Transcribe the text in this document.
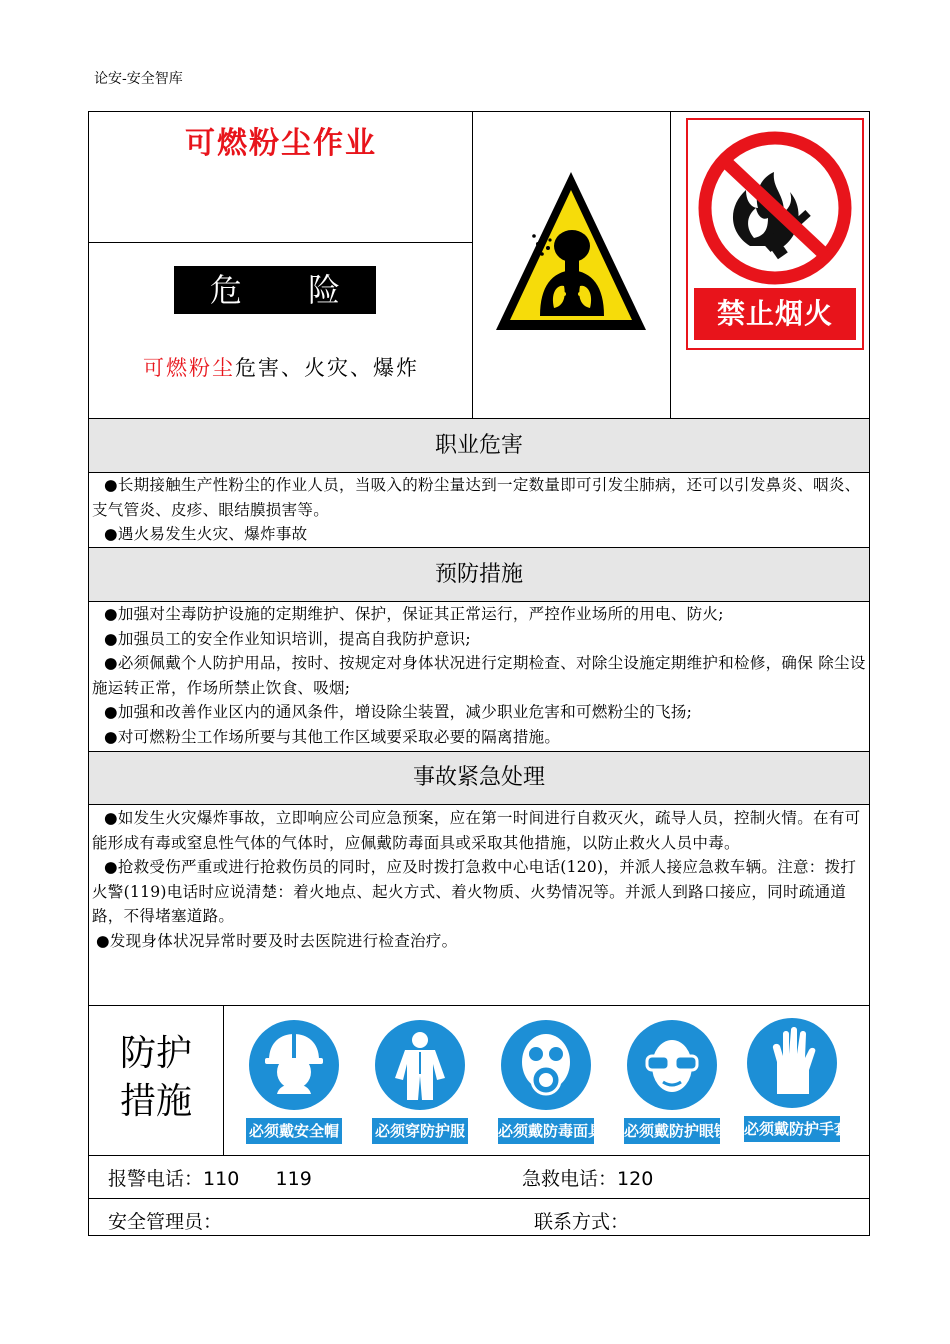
论安-安全智库
可燃粉尘作业
危 险
可燃粉尘危害、火灾、爆炸
禁止烟火
职业危害

●长期接触生产性粉尘的作业人员，当吸入的粉尘量达到一定数量即可引发尘肺病，还可以引发鼻炎、咽炎、支气管炎、皮疹、眼结膜损害等。

●遇火易发生火灾、爆炸事故

预防措施

●加强对尘毒防护设施的定期维护、保护，保证其正常运行，严控作业场所的用电、防火;

●加强员工的安全作业知识培训，提高自我防护意识;

●必须佩戴个人防护用品，按时、按规定对身体状况进行定期检查、对除尘设施定期维护和检修，确保 除尘设施运转正常，作场所禁止饮食、吸烟;

●加强和改善作业区内的通风条件，增设除尘装置，减少职业危害和可燃粉尘的飞扬;

●对可燃粉尘工作场所要与其他工作区域要采取必要的隔离措施。

事故紧急处理

●如发生火灾爆炸事故，立即响应公司应急预案，应在第一时间进行自救灭火，疏导人员，控制火情。在有可能形成有毒或窒息性气体的气体时，应佩戴防毒面具或采取其他措施，以防止救火人员中毒。

●抢救受伤严重或进行抢救伤员的同时，应及时拨打急救中心电话(120)，并派人接应急救车辆。注意：拨打火警(119)电话时应说清楚：着火地点、起火方式、着火物质、火势情况等。并派人到路口接应，同时疏通道路，不得堵塞道路。

●发现身体状况异常时要及时去医院进行检查治疗。

防护
措施
必须戴安全帽 必须穿防护服 必须戴防毒面具 必须戴防护眼镜 必须戴防护手套
报警电话：110      119	急救电话：120
安全管理员：	联系方式：
